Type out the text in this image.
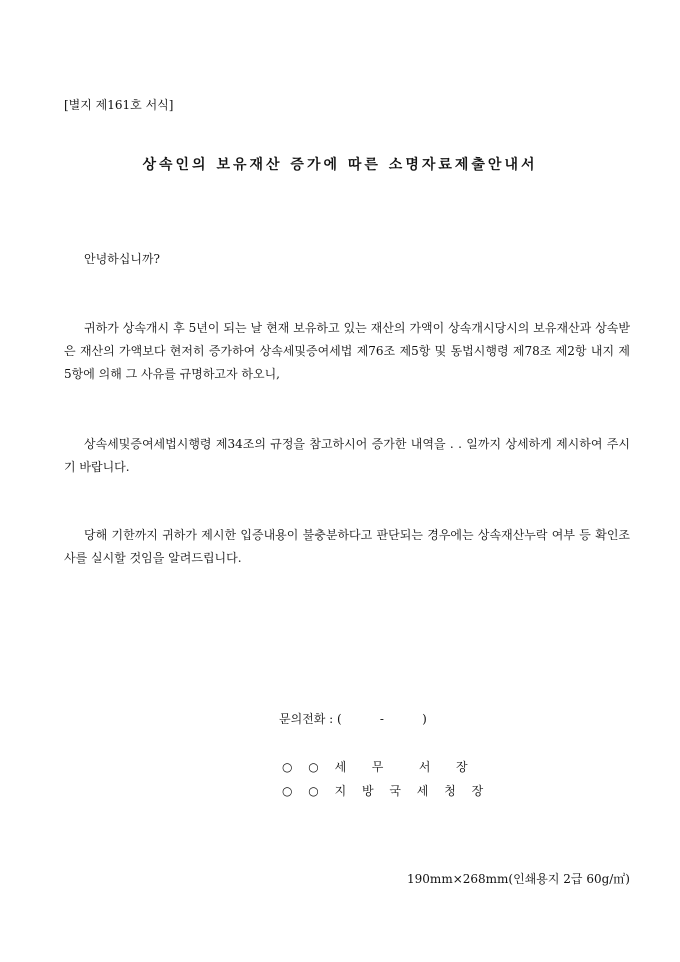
[별지 제161호 서식]
상속인의 보유재산 증가에 따른 소명자료제출안내서
안녕하십니까?
귀하가 상속개시 후 5년이 되는 날 현재 보유하고 있는 재산의 가액이 상속개시당시의 보유재산과 상속받은 재산의 가액보다 현저히 증가하여 상속세및증여세법 제76조 제5항 및 동법시행령 제78조 제2항 내지 제5항에 의해 그 사유를 규명하고자 하오니,
상속세및증여세법시행령 제34조의 규정을 참고하시어 증가한 내역을 . . 일까지 상세하게 제시하여 주시기 바랍니다.
당해 기한까지 귀하가 제시한 입증내용이 불충분하다고 판단되는 경우에는 상속재산누락 여부 등 확인조사를 실시할 것임을 알려드립니다.
문의전화 : (          -          )
○ ○ 세  무   서  장
○ ○ 지 방 국 세 청 장
190mm×268mm(인쇄용지 2급 60g/㎡)
